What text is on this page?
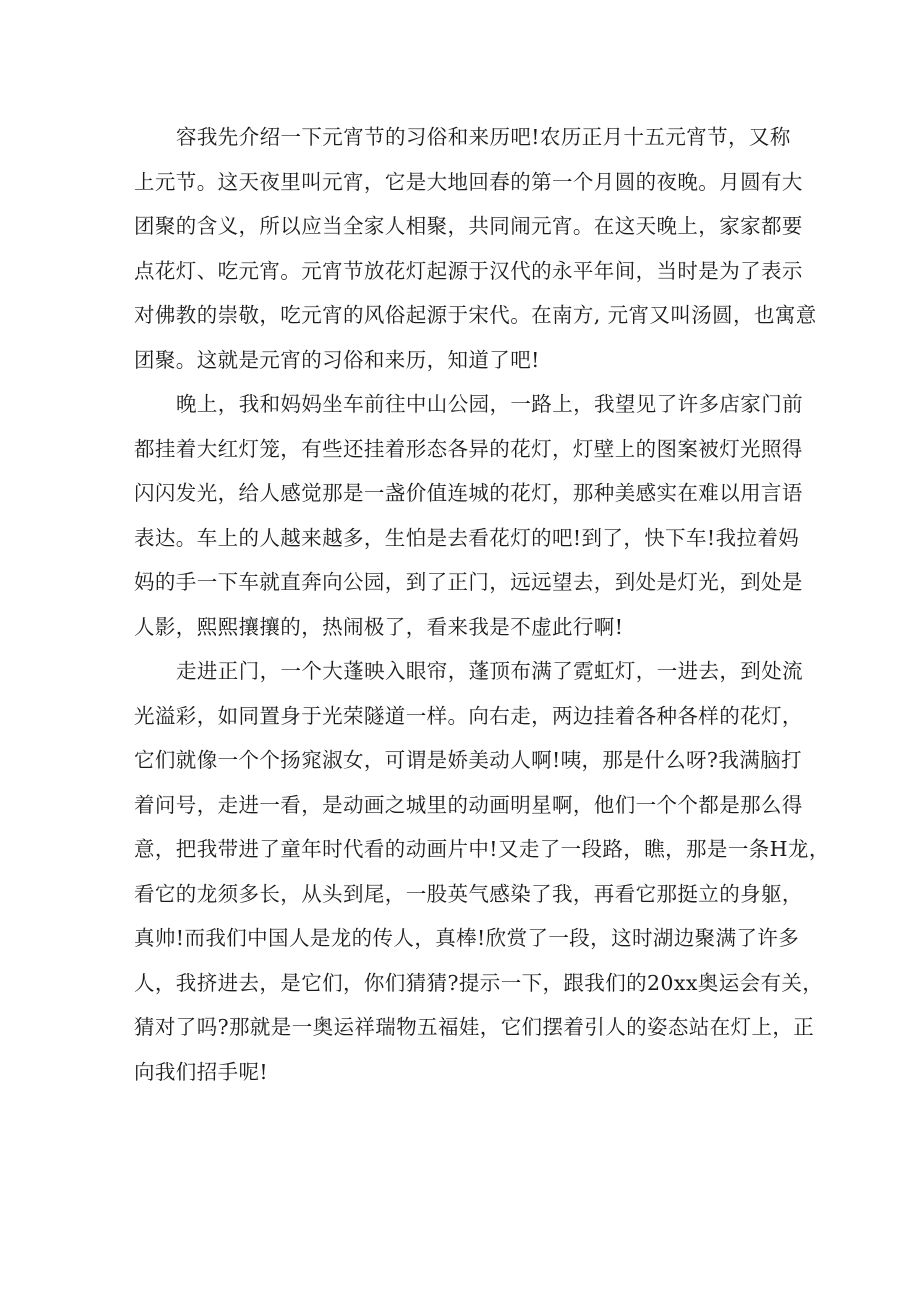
容我先介绍一下元宵节的习俗和来历吧!农历正月十五元宵节，又称
上元节。这天夜里叫元宵，它是大地回春的第一个月圆的夜晚。月圆有大
团聚的含义，所以应当全家人相聚，共同闹元宵。在这天晚上，家家都要
点花灯、吃元宵。元宵节放花灯起源于汉代的永平年间，当时是为了表示
对佛教的崇敬，吃元宵的风俗起源于宋代。在南方, 元宵又叫汤圆，也寓意
团聚。这就是元宵的习俗和来历，知道了吧!
晚上，我和妈妈坐车前往中山公园，一路上，我望见了许多店家门前
都挂着大红灯笼，有些还挂着形态各异的花灯，灯壁上的图案被灯光照得
闪闪发光，给人感觉那是一盏价值连城的花灯，那种美感实在难以用言语
表达。车上的人越来越多，生怕是去看花灯的吧!到了，快下车!我拉着妈
妈的手一下车就直奔向公园，到了正门，远远望去，到处是灯光，到处是
人影，熙熙攘攘的，热闹极了，看来我是不虚此行啊!
走进正门，一个大蓬映入眼帘，蓬顶布满了霓虹灯，一进去，到处流
光溢彩，如同置身于光荣隧道一样。向右走，两边挂着各种各样的花灯，
它们就像一个个扬窕淑女，可谓是娇美动人啊!咦，那是什么呀?我满脑打
着问号，走进一看，是动画之城里的动画明星啊，他们一个个都是那么得
意，把我带进了童年时代看的动画片中!又走了一段路，瞧，那是一条H龙，
看它的龙须多长，从头到尾，一股英气感染了我，再看它那挺立的身躯，
真帅!而我们中国人是龙的传人，真棒!欣赏了一段，这时湖边聚满了许多
人，我挤进去，是它们，你们猜猜?提示一下，跟我们的20xx奥运会有关，
猜对了吗?那就是一奥运祥瑞物五福娃，它们摆着引人的姿态站在灯上，正
向我们招手呢!
